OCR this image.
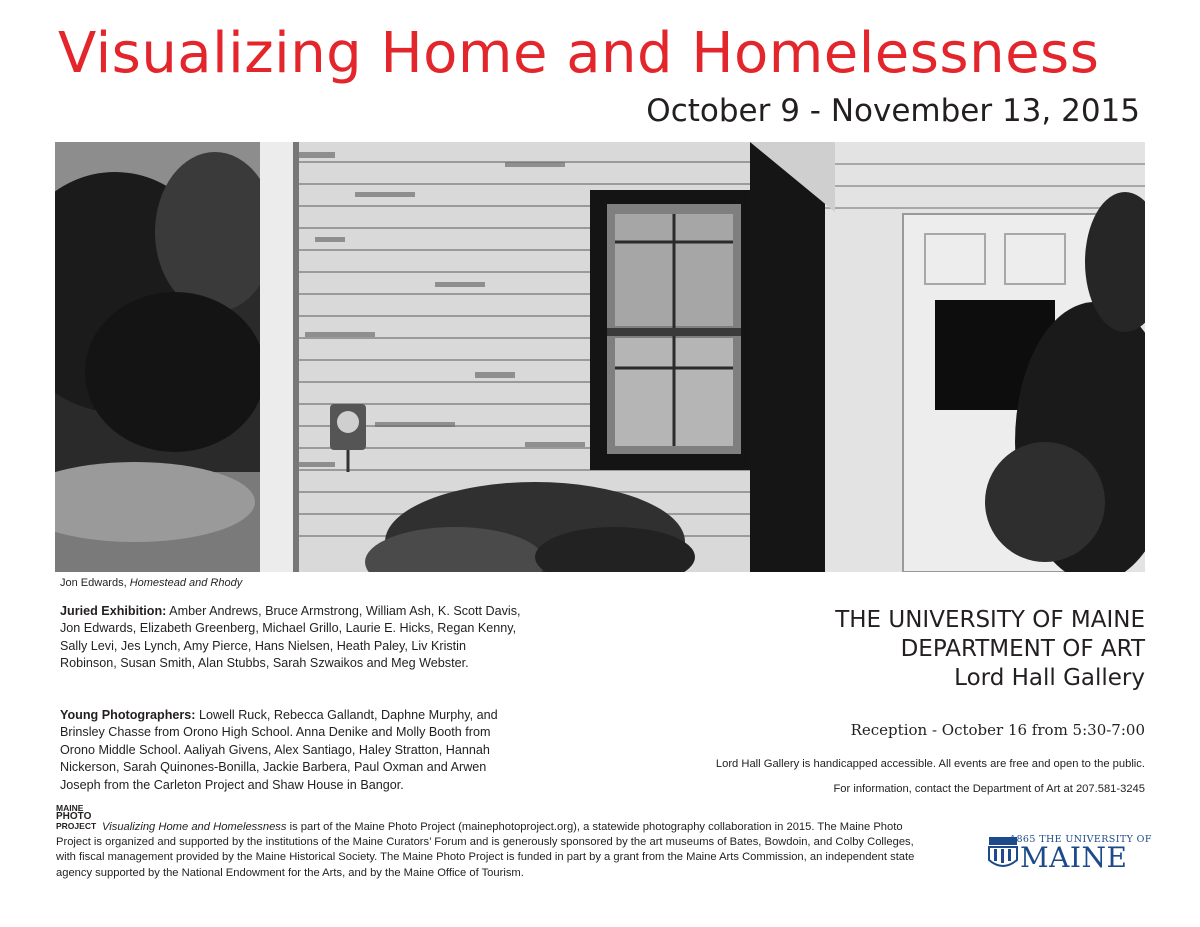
Visualizing Home and Homelessness
October 9 - November 13, 2015
Jon Edwards, Homestead and Rhody
Juried Exhibition: Amber Andrews, Bruce Armstrong, William Ash, K. Scott Davis, Jon Edwards, Elizabeth Greenberg, Michael Grillo, Laurie E. Hicks, Regan Kenny, Sally Levi, Jes Lynch, Amy Pierce, Hans Nielsen, Heath Paley, Liv Kristin Robinson, Susan Smith, Alan Stubbs, Sarah Szwaikos and Meg Webster.
Young Photographers: Lowell Ruck, Rebecca Gallandt, Daphne Murphy, and Brinsley Chasse from Orono High School. Anna Denike and Molly Booth from Orono Middle School. Aaliyah Givens, Alex Santiago, Haley Stratton, Hannah Nickerson, Sarah Quinones-Bonilla, Jackie Barbera, Paul Oxman and Arwen Joseph from the Carleton Project and Shaw House in Bangor.
THE UNIVERSITY OF MAINE
DEPARTMENT OF ART
Lord Hall Gallery
Reception - October 16 from 5:30-7:00
Lord Hall Gallery is handicapped accessible. All events are free and open to the public.
For information, contact the Department of Art at 207.581-3245
MAINE
PHOTO
PROJECT Visualizing Home and Homelessness is part of the Maine Photo Project (mainephotoproject.org), a statewide photography collaboration in 2015. The Maine Photo Project is organized and supported by the institutions of the Maine Curators’ Forum and is generously sponsored by the art museums of Bates, Bowdoin, and Colby Colleges, with fiscal management provided by the Maine Historical Society. The Maine Photo Project is funded in part by a grant from the Maine Arts Commission, an independent state agency supported by the National Endowment for the Arts, and by the Maine Office of Tourism.
1865 THE UNIVERSITY OF
MAINE
